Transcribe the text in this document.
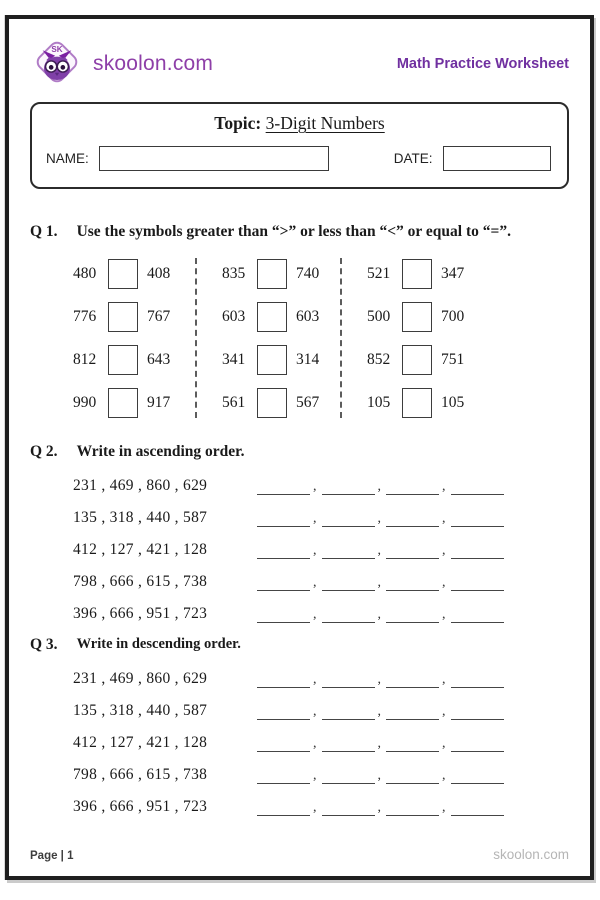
SK
skoolon.com	Math Practice Worksheet
Topic: 3-Digit Numbers
NAME:	DATE:
Q 1. Use the symbols greater than “>” or less than “<” or equal to “=”.
480	408
776	767
812	643
990	917
835	740
603	603
341	314
561	567
521	347
500	700
852	751
105	105
Q 2. Write in ascending order.
231 , 469 , 860 , 629	,	,	,
135 , 318 , 440 , 587	,	,	,
412 , 127 , 421 , 128	,	,	,
798 , 666 , 615 , 738	,	,	,
396 , 666 , 951 , 723	,	,	,
Q 3. Write in descending order.
231 , 469 , 860 , 629	,	,	,
135 , 318 , 440 , 587	,	,	,
412 , 127 , 421 , 128	,	,	,
798 , 666 , 615 , 738	,	,	,
396 , 666 , 951 , 723	,	,	,
Page | 1	skoolon.com
